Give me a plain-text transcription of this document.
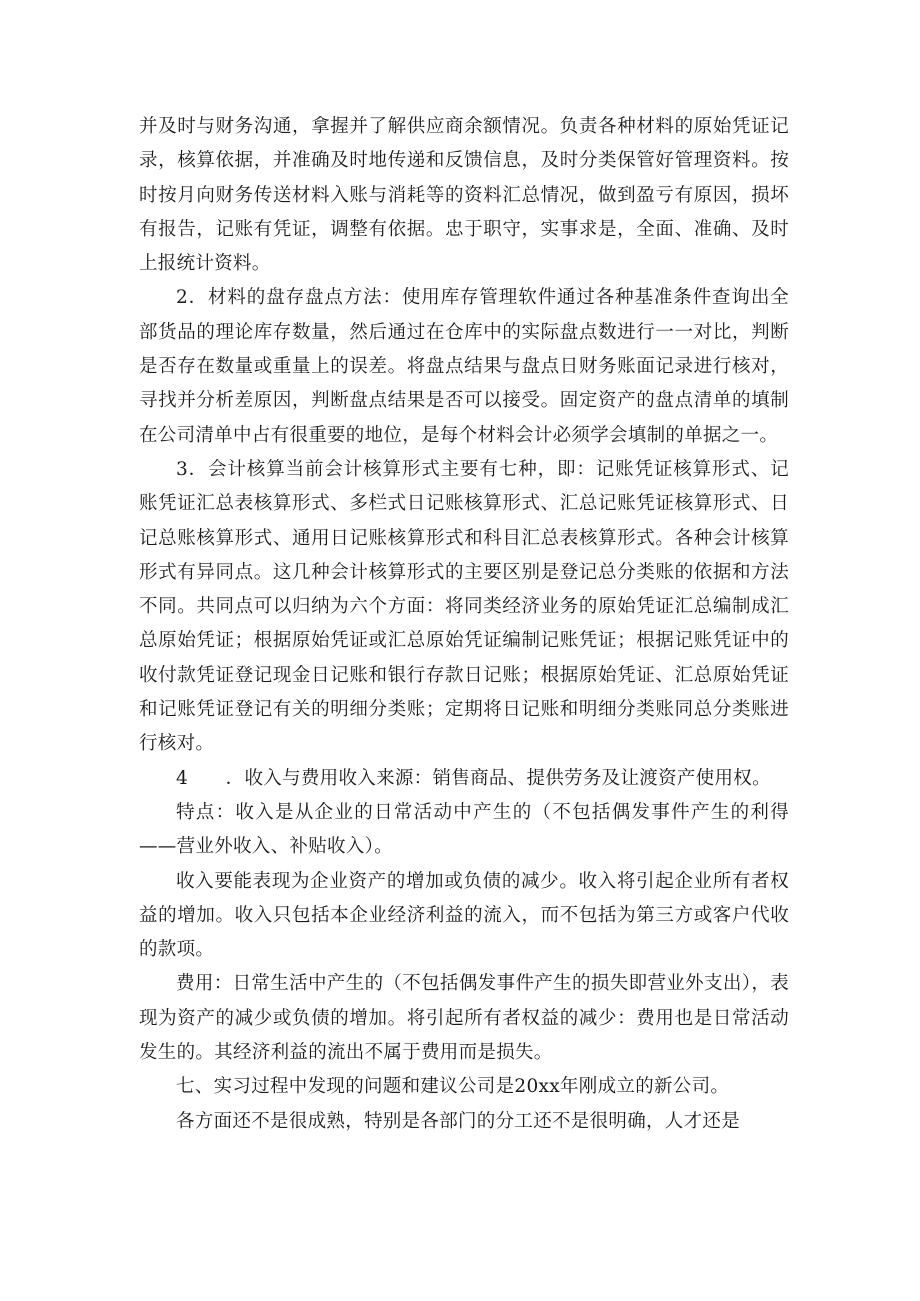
并及时与财务沟通，拿握并了解供应商余额情况。负责各种材料的原始凭证记录，核算依据，并准确及时地传递和反馈信息，及时分类保管好管理资料。按时按月向财务传送材料入账与消耗等的资料汇总情况，做到盈亏有原因，损坏有报告，记账有凭证，调整有依据。忠于职守，实事求是，全面、准确、及时上报统计资料。

2．材料的盘存盘点方法：使用库存管理软件通过各种基准条件查询出全部货品的理论库存数量，然后通过在仓库中的实际盘点数进行一一对比，判断是否存在数量或重量上的误差。将盘点结果与盘点日财务账面记录进行核对，寻找并分析差原因，判断盘点结果是否可以接受。固定资产的盘点清单的填制在公司清单中占有很重要的地位，是每个材料会计必须学会填制的单据之一。

3．会计核算当前会计核算形式主要有七种，即：记账凭证核算形式、记账凭证汇总表核算形式、多栏式日记账核算形式、汇总记账凭证核算形式、日记总账核算形式、通用日记账核算形式和科目汇总表核算形式。各种会计核算形式有异同点。这几种会计核算形式的主要区别是登记总分类账的依据和方法不同。共同点可以归纳为六个方面：将同类经济业务的原始凭证汇总编制成汇总原始凭证；根据原始凭证或汇总原始凭证编制记账凭证；根据记账凭证中的收付款凭证登记现金日记账和银行存款日记账；根据原始凭证、汇总原始凭证和记账凭证登记有关的明细分类账；定期将日记账和明细分类账同总分类账进行核对。

4　　．收入与费用收入来源：销售商品、提供劳务及让渡资产使用权。

特点：收入是从企业的日常活动中产生的（不包括偶发事件产生的利得——营业外收入、补贴收入）。

收入要能表现为企业资产的增加或负债的减少。收入将引起企业所有者权益的增加。收入只包括本企业经济利益的流入，而不包括为第三方或客户代收的款项。

费用：日常生活中产生的（不包括偶发事件产生的损失即营业外支出），表现为资产的减少或负债的增加。将引起所有者权益的减少：费用也是日常活动发生的。其经济利益的流出不属于费用而是损失。

七、实习过程中发现的问题和建议公司是20xx年刚成立的新公司。

各方面还不是很成熟，特别是各部门的分工还不是很明确，人才还是
